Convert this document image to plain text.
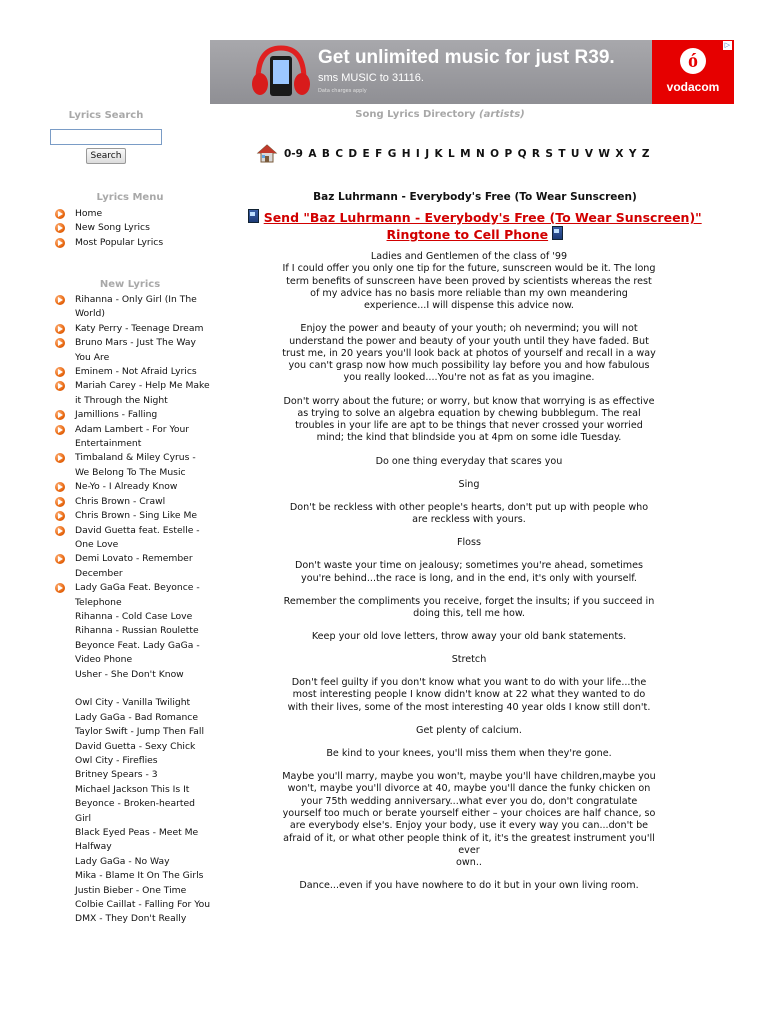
Get unlimited music for just R39.
sms MUSIC to 31116.
Data charges apply
ó
vodacom
▷
Lyrics Search
Search
Lyrics Menu
Home
New Song Lyrics
Most Popular Lyrics
New Lyrics
Rihanna - Only Girl (In The World)
Katy Perry - Teenage Dream
Bruno Mars - Just The Way You Are
Eminem - Not Afraid Lyrics
Mariah Carey - Help Me Make it Through the Night
Jamillions - Falling
Adam Lambert - For Your Entertainment
Timbaland & Miley Cyrus - We Belong To The Music
Ne-Yo - I Already Know
Chris Brown - Crawl
Chris Brown - Sing Like Me
David Guetta feat. Estelle - One Love
Demi Lovato - Remember December
Lady GaGa Feat. Beyonce - Telephone
Rihanna - Cold Case Love
Rihanna - Russian Roulette
Beyonce Feat. Lady GaGa - Video Phone
Usher - She Don't Know
Owl City - Vanilla Twilight
Lady GaGa - Bad Romance
Taylor Swift - Jump Then Fall
David Guetta - Sexy Chick
Owl City - Fireflies
Britney Spears - 3
Michael Jackson This Is It
Beyonce - Broken-hearted Girl
Black Eyed Peas - Meet Me Halfway
Lady GaGa - No Way
Mika - Blame It On The Girls
Justin Bieber - One Time
Colbie Caillat - Falling For You
DMX - They Don't Really
Song Lyrics Directory (artists)
0-9 A B C D E F G H I J K L M N O P Q R S T U V W X Y Z
Baz Luhrmann - Everybody's Free (To Wear Sunscreen)
Send "Baz Luhrmann - Everybody's Free (To Wear Sunscreen)"
Ringtone to Cell Phone

Ladies and Gentlemen of the class of '99
If I could offer you only one tip for the future, sunscreen would be it. The long term benefits of sunscreen have been proved by scientists whereas the rest of my advice has no basis more reliable than my own meandering
experience...I will dispense this advice now.

Enjoy the power and beauty of your youth; oh nevermind; you will not understand the power and beauty of your youth until they have faded. But trust me, in 20 years you'll look back at photos of yourself and recall in a way you can't grasp now how much possibility lay before you and how fabulous you really looked....You're not as fat as you imagine.

Don't worry about the future; or worry, but know that worrying is as effective as trying to solve an algebra equation by chewing bubblegum. The real troubles in your life are apt to be things that never crossed your worried mind; the kind that blindside you at 4pm on some idle Tuesday.

Do one thing everyday that scares you

Sing

Don't be reckless with other people's hearts, don't put up with people who are reckless with yours.

Floss

Don't waste your time on jealousy; sometimes you're ahead, sometimes you're behind...the race is long, and in the end, it's only with yourself.

Remember the compliments you receive, forget the insults; if you succeed in doing this, tell me how.

Keep your old love letters, throw away your old bank statements.

Stretch

Don't feel guilty if you don't know what you want to do with your life...the most interesting people I know didn't know at 22 what they wanted to do with their lives, some of the most interesting 40 year olds I know still don't.

Get plenty of calcium.

Be kind to your knees, you'll miss them when they're gone.

Maybe you'll marry, maybe you won't, maybe you'll have children,maybe you won't, maybe you'll divorce at 40, maybe you'll dance the funky chicken on your 75th wedding anniversary...what ever you do, don't congratulate yourself too much or berate yourself either – your choices are half chance, so are everybody else's. Enjoy your body, use it every way you can...don't be afraid of it, or what other people think of it, it's the greatest instrument you'll ever
own..

Dance...even if you have nowhere to do it but in your own living room.
